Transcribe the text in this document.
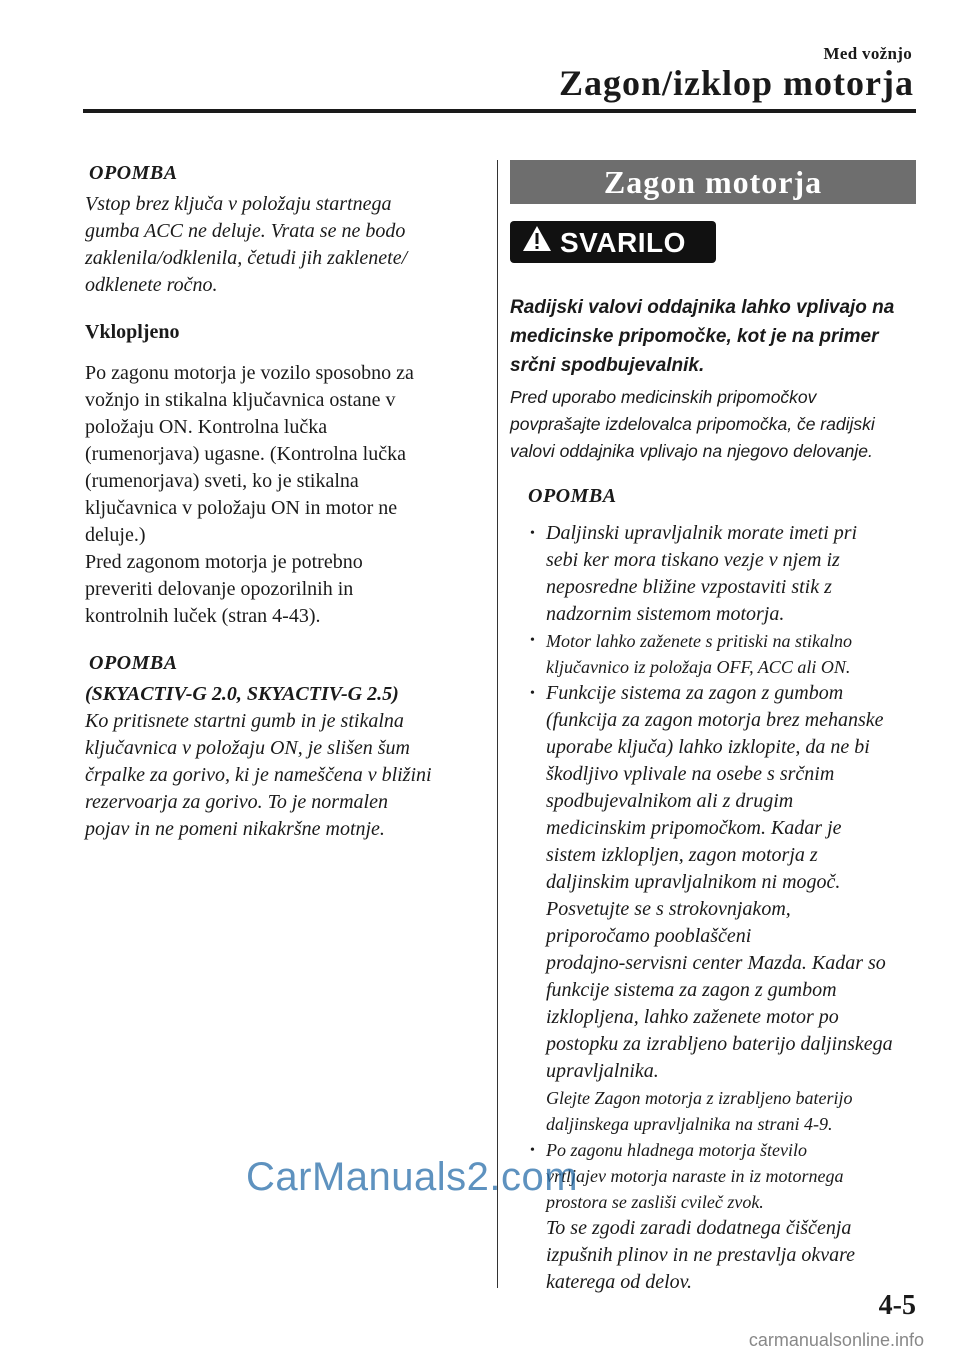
Med vožnjo
Zagon/izklop motorja
OPOMBA
Vstop brez ključa v položaju startnega
gumba ACC ne deluje. Vrata se ne bodo
zaklenila/odklenila, četudi jih zaklenete/
odklenete ročno.
Vklopljeno
Po zagonu motorja je vozilo sposobno za
vožnjo in stikalna ključavnica ostane v
položaju ON. Kontrolna lučka
(rumenorjava) ugasne. (Kontrolna lučka
(rumenorjava) sveti, ko je stikalna
ključavnica v položaju ON in motor ne
deluje.)
Pred zagonom motorja je potrebno
preveriti delovanje opozorilnih in
kontrolnih luček (stran 4-43).
OPOMBA
(SKYACTIV-G 2.0, SKYACTIV-G 2.5)
Ko pritisnete startni gumb in je stikalna
ključavnica v položaju ON, je slišen šum
črpalke za gorivo, ki je nameščena v bližini
rezervoarja za gorivo. To je normalen
pojav in ne pomeni nikakršne motnje.
Zagon motorja
SVARILO
Radijski valovi oddajnika lahko vplivajo na
medicinske pripomočke, kot je na primer
srčni spodbujevalnik.
Pred uporabo medicinskih pripomočkov
povprašajte izdelovalca pripomočka, če radijski
valovi oddajnika vplivajo na njegovo delovanje.
OPOMBA
• Daljinski upravljalnik morate imeti pri
sebi ker mora tiskano vezje v njem iz
neposredne bližine vzpostaviti stik z
nadzornim sistemom motorja.
• Motor lahko zaženete s pritiski na stikalno
ključavnico iz položaja OFF, ACC ali ON.
• Funkcije sistema za zagon z gumbom
(funkcija za zagon motorja brez mehanske
uporabe ključa) lahko izklopite, da ne bi
škodljivo vplivale na osebe s srčnim
spodbujevalnikom ali z drugim
medicinskim pripomočkom. Kadar je
sistem izklopljen, zagon motorja z
daljinskim upravljalnikom ni mogoč.
Posvetujte se s strokovnjakom,
priporočamo pooblaščeni
prodajno-servisni center Mazda. Kadar so
funkcije sistema za zagon z gumbom
izklopljena, lahko zaženete motor po
postopku za izrabljeno baterijo daljinskega
upravljalnika.
Glejte Zagon motorja z izrabljeno baterijo
daljinskega upravljalnika na strani 4-9.
• Po zagonu hladnega motorja število
vrtljajev motorja naraste in iz motornega
prostora se zasliši cvileč zvok.
To se zgodi zaradi dodatnega čiščenja
izpušnih plinov in ne prestavlja okvare
katerega od delov.
CarManuals2.com
4-5
carmanualsonline.info
